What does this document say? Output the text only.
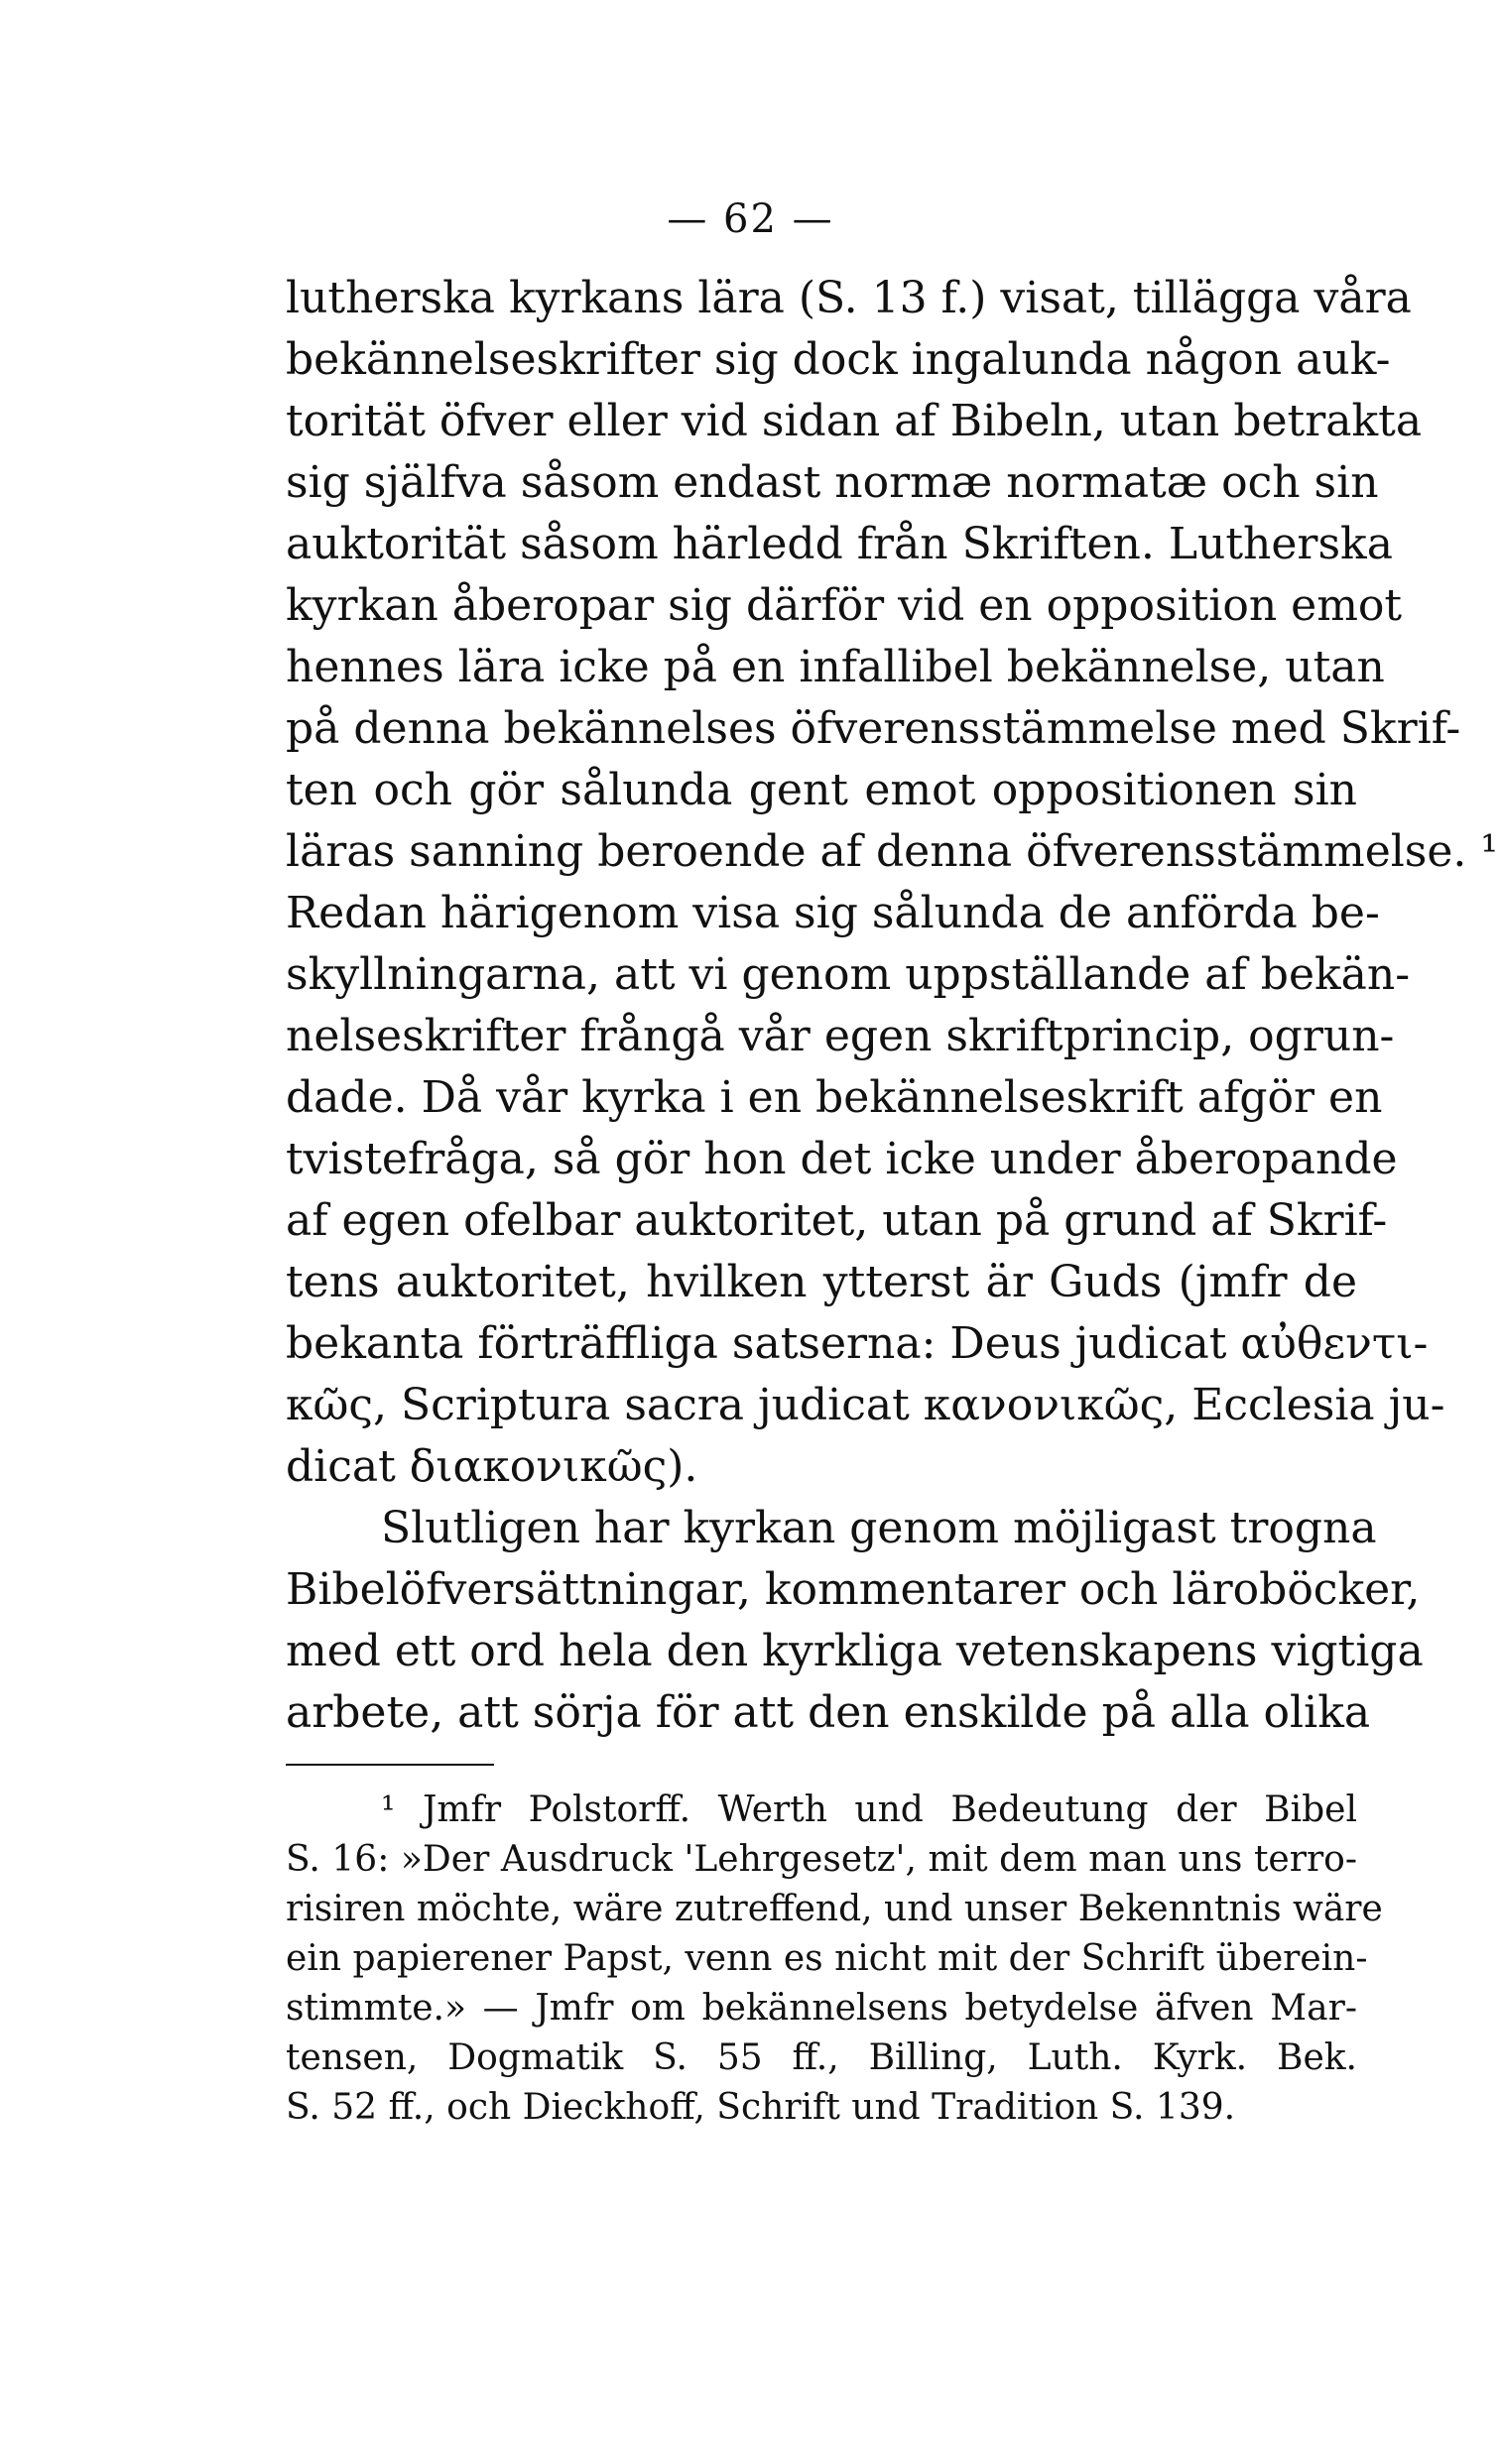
— 62 —
lutherska kyrkans lära (S. 13 f.) visat, tillägga våra
bekännelseskrifter sig dock ingalunda någon auk-
torität öfver eller vid sidan af Bibeln, utan betrakta
sig själfva såsom endast normæ normatæ och sin
auktorität såsom härledd från Skriften. Lutherska
kyrkan åberopar sig därför vid en opposition emot
hennes lära icke på en infallibel bekännelse, utan
på denna bekännelses öfverensstämmelse med Skrif-
ten och gör sålunda gent emot oppositionen sin
läras sanning beroende af denna öfverensstämmelse. ¹
Redan härigenom visa sig sålunda de anförda be-
skyllningarna, att vi genom uppställande af bekän-
nelseskrifter frångå vår egen skriftprincip, ogrun-
dade. Då vår kyrka i en bekännelseskrift afgör en
tvistefråga, så gör hon det icke under åberopande
af egen ofelbar auktoritet, utan på grund af Skrif-
tens auktoritet, hvilken ytterst är Guds (jmfr de
bekanta förträffliga satserna: Deus judicat αὐθεντι-
κῶς, Scriptura sacra judicat κανονικῶς, Ecclesia ju-
dicat διακονικῶς).
Slutligen har kyrkan genom möjligast trogna
Bibelöfversättningar, kommentarer och läroböcker,
med ett ord hela den kyrkliga vetenskapens vigtiga
arbete, att sörja för att den enskilde på alla olika
¹ Jmfr Polstorff. Werth und Bedeutung der Bibel
S. 16: »Der Ausdruck 'Lehrgesetz', mit dem man uns terro-
risiren möchte, wäre zutreffend, und unser Bekenntnis wäre
ein papierener Papst, venn es nicht mit der Schrift überein-
stimmte.» — Jmfr om bekännelsens betydelse äfven Mar-
tensen, Dogmatik S. 55 ff., Billing, Luth. Kyrk. Bek.
S. 52 ff., och Dieckhoff, Schrift und Tradition S. 139.
